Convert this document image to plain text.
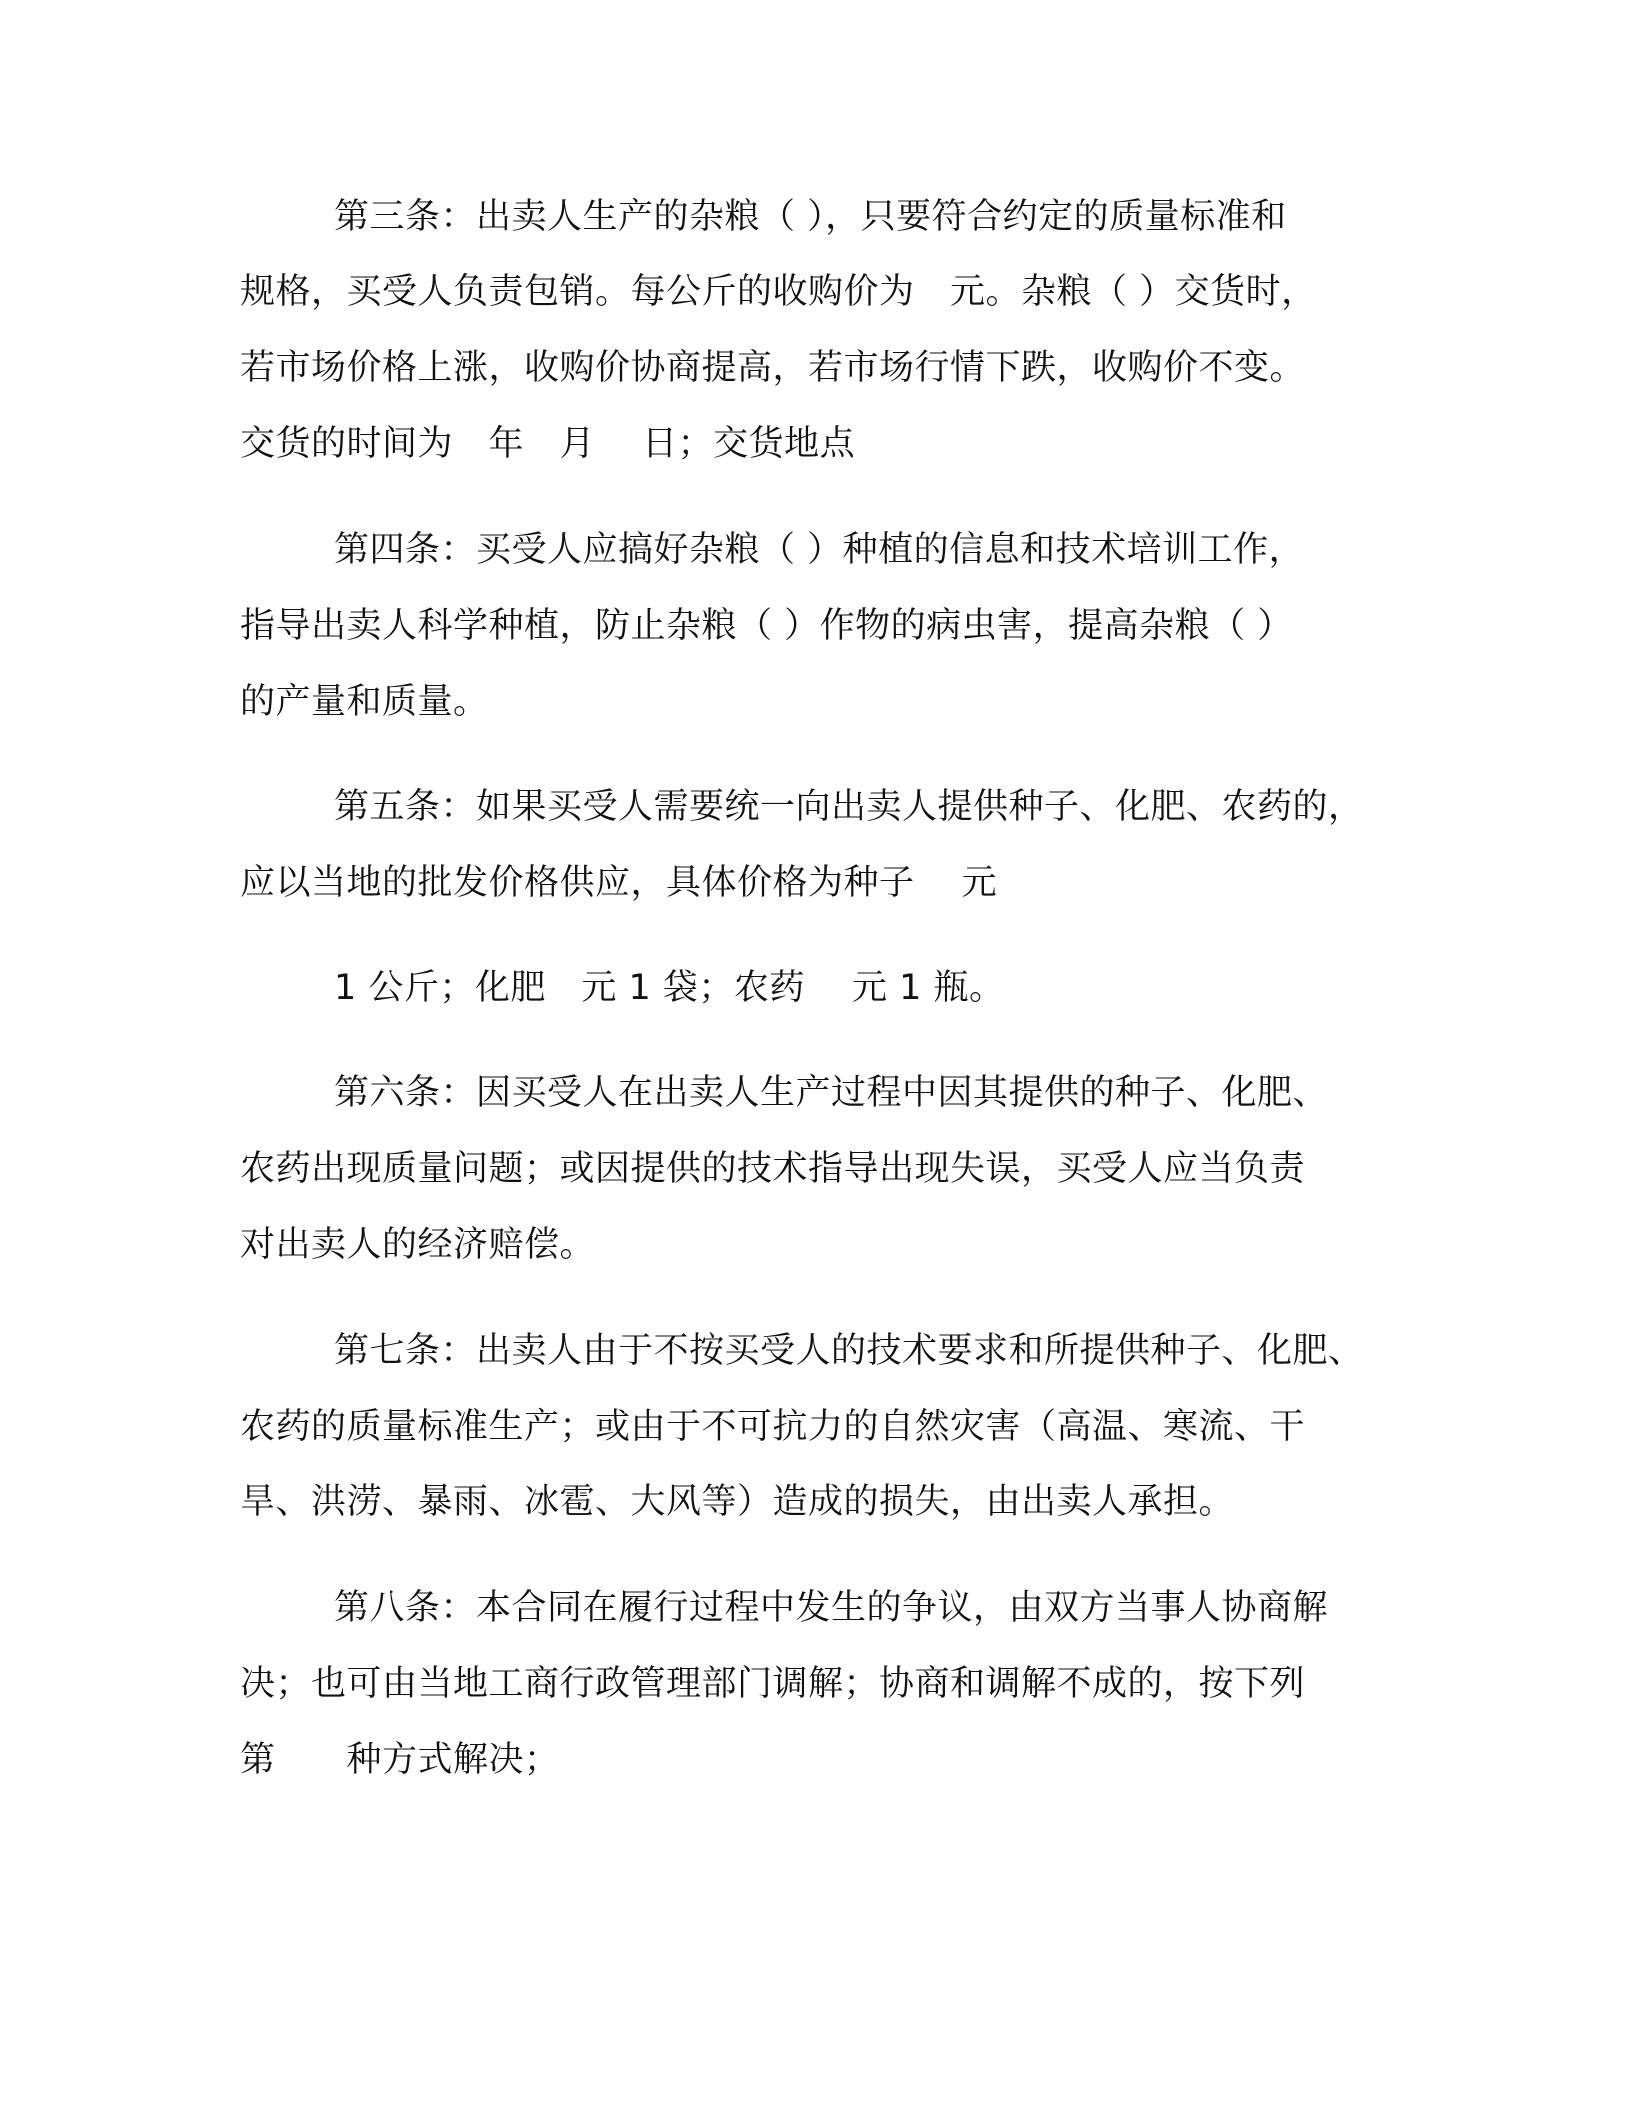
第三条：出卖人生产的杂粮（ ），只要符合约定的质量标准和
规格，买受人负责包销。每公斤的收购价为　元。杂粮（ ）交货时，
若市场价格上涨，收购价协商提高，若市场行情下跌，收购价不变。
交货的时间为　年　月　 日；交货地点
第四条：买受人应搞好杂粮（ ）种植的信息和技术培训工作，
指导出卖人科学种植，防止杂粮（ ）作物的病虫害，提高杂粮（ ）
的产量和质量。
第五条：如果买受人需要统一向出卖人提供种子、化肥、农药的，
应以当地的批发价格供应，具体价格为种子　 元
1 公斤；化肥　元 1 袋；农药　 元 1 瓶。
第六条：因买受人在出卖人生产过程中因其提供的种子、化肥、
农药出现质量问题；或因提供的技术指导出现失误，买受人应当负责
对出卖人的经济赔偿。
第七条：出卖人由于不按买受人的技术要求和所提供种子、化肥、
农药的质量标准生产；或由于不可抗力的自然灾害（高温、寒流、干
旱、洪涝、暴雨、冰雹、大风等）造成的损失，由出卖人承担。
第八条：本合同在履行过程中发生的争议，由双方当事人协商解
决；也可由当地工商行政管理部门调解；协商和调解不成的，按下列
第　　种方式解决；
